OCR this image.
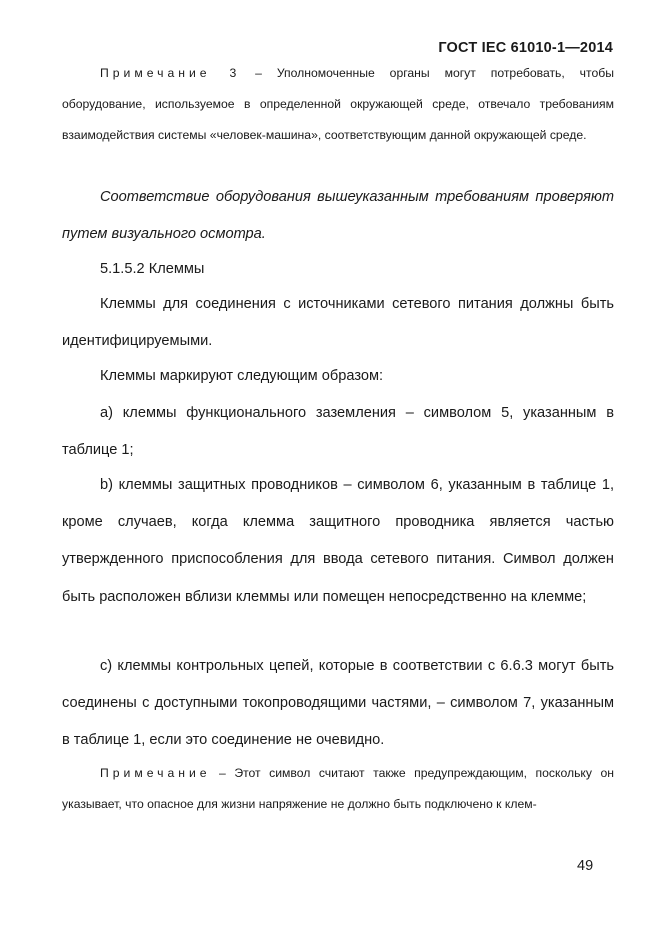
ГОСТ IEC 61010-1—2014

Примечание 3 – Уполномоченные органы могут потребовать, чтобы оборудование, используемое в определенной окружающей среде, отвечало требованиям взаимодействия системы «человек-машина», соответствующим данной окружающей среде.

Соответствие оборудования вышеуказанным требованиям проверяют путем визуального осмотра.

5.1.5.2 Клеммы

Клеммы для соединения с источниками сетевого питания должны быть идентифицируемыми.

Клеммы маркируют следующим образом:

а) клеммы функционального заземления – символом 5, указанным в таблице 1;

b) клеммы защитных проводников – символом 6, указанным в таблице 1, кроме случаев, когда клемма защитного проводника является частью утвержденного приспособления для ввода сетевого питания. Символ должен быть расположен вблизи клеммы или помещен непосредственно на клемме;

с) клеммы контрольных цепей, которые в соответствии с 6.6.3 могут быть соединены с доступными токопроводящими частями, – символом 7, указанным в таблице 1, если это соединение не очевидно.

Примечание – Этот символ считают также предупреждающим, поскольку он указывает, что опасное для жизни напряжение не должно быть подключено к клем-

49
